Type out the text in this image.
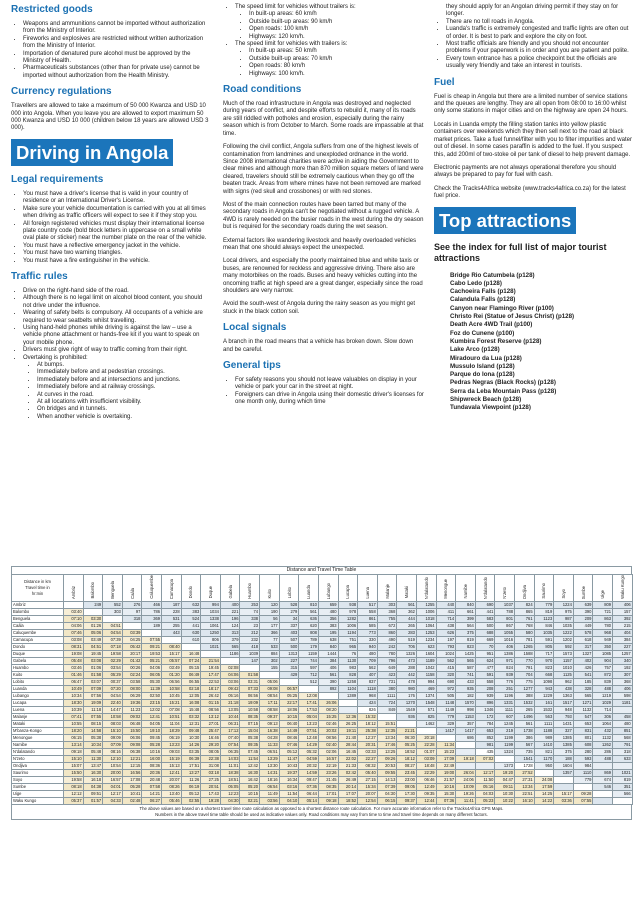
Restricted goods
• Weapons and ammunitions cannot be imported without authorization from the Ministry of Interior.
• Fireworks and explosives are restricted without written authorization from the Ministry of Interior.
• Importation of denatured pure alcohol must be approved by the Ministry of Health.
• Pharmaceuticals substances (other than for private use) cannot be imported without authorization from the Health Ministry.
Currency regulations

Travellers are allowed to take a maximum of 50 000 Kwanza and USD 10 000 into Angola. When you leave you are allowed to export maximum 50 000 Kwanza and USD 10 000 (children below 18 years are allowed USD 3 000).

Driving in Angola
Legal requirements
• You must have a driver's license that is valid in your country of residence or an International Driver's License.
• Make sure your vehicle documentation is carried with you at all times when driving as traffic officers will expect to see it if they stop you.
• All foreign registered vehicles must display their international license plate country code (bold block letters in uppercase on a small white oval plate or sticker) near the number plate on the rear of the vehicle.
• You must have a reflective emergency jacket in the vehicle.
• You must have two warning triangles.
• You must have a fire extinguisher in the vehicle.
Traffic rules
• Drive on the right-hand side of the road.
• Although there is no legal limit on alcohol blood content, you should not drive under the influence.
• Wearing of safety belts is compulsory. All occupants of a vehicle are required to wear seatbelts whilst travelling.
• Using hand-held phones while driving is against the law – use a vehicle phone attachment or hands-free kit if you want to speak on your mobile phone.
• Drivers must give right of way to traffic coming from their right.
• Overtaking is prohibited:
• At bumps.
• Immediately before and at pedestrian crossings.
• Immediately before and at intersections and junctions.
• Immediately before and at railway crossings.
• At curves in the road.
• At all locations with insufficient visibility.
• On bridges and in tunnels.
• When another vehicle is overtaking.
• The speed limit for vehicles without trailers is:
• In built-up areas: 60 km/h
• Outside built-up areas: 90 km/h
• Open roads: 100 km/h
• Highways: 120 km/h.
• The speed limit for vehicles with trailers is:
• In built-up areas: 50 km/h
• Outside built-up areas: 70 km/h
• Open roads: 80 km/h
• Highways: 100 km/h.
Road conditions

Much of the road infrastructure in Angola was destroyed and neglected during years of conflict, and despite efforts to rebuild it, many of its roads are still riddled with potholes and erosion, especially during the rainy season which is from October to March. Some roads are impassable at that time.

Following the civil conflict, Angola suffers from one of the highest levels of contamination from landmines and unexploded ordnance in the world. Since 2008 international charities were active in aiding the Government to clear mines and although more than 870 million square meters of land were cleared, travelers should still be extremely cautious when they go off the beaten track. Areas from where mines have not been removed are marked with signs (red skull and crossbones) or with red stones.

Most of the main connection routes have been tarred but many of the secondary roads in Angola can't be negotiated without a rugged vehicle. A 4WD is rarely needed on the busier roads in the west during the dry season but is required for the secondary roads during the wet season.

External factors like wandering livestock and heavily overloaded vehicles mean that one should always expect the unexpected.

Local drivers, and especially the poorly maintained blue and white taxis or buses, are renowned for reckless and aggressive driving. There also are many motorbikes on the roads. Buses and heavy vehicles cutting into the oncoming traffic at high speed are a great danger, especially since the road shoulders are very narrow.

Avoid the south-west of Angola during the rainy season as you might get stuck in the black cotton soil.

Local signals

A branch in the road means that a vehicle has broken down. Slow down and be careful.

General tips
• For safety reasons you should not leave valuables on display in your vehicle or park your car in the street at night.
• Foreigners can drive in Angola using their domestic driver's licenses for one month only, during which time
they should apply for an Angolan driving permit if they stay on for longer.
• There are no toll roads in Angola.
• Luanda's traffic is extremely congested and traffic lights are often out of order. It is best to park and explore the city on foot.
• Most traffic officials are friendly and you should not encounter problems if your paperwork is in order and you are patient and polite.
• Every town entrance has a police checkpoint but the officials are usually very friendly and take an interest in tourists.
Fuel

Fuel is cheap in Angola but there are a limited number of service stations and the queues are lengthy. They are all open from 08:00 to 16:00 whilst only some stations in major cities and on the highway are open 24 hours.

Locals in Luanda empty the filling station tanks into yellow plastic containers over weekends which they then sell next to the road at black market prices. Take a fuel funnel/filter with you to filter impurities and water out of diesel. In some cases paraffin is added to the fuel. If you suspect this, add 200ml of two-stoke oil per tank of diesel to help prevent damage.

Electronic payments are not always operational therefore you should always be prepared to pay for fuel with cash.

Check the Tracks4Africa website (www.tracks4africa.co.za) for the latest fuel price.

Top attractions
See the index for full list of major tourist attractions
Bridge Rio Catumbela (p128)
Cabo Ledo (p128)
Cachoeira Falls (p128)
Calandula Falls (p128)
Canyon near Flamingo River (p100)
Christo Rei (Statue of Jesus Christ) (p128)
Death Acre 4WD Trail (p100)
Foz do Cunene (p100)
Kumbira Forest Reserve (p128)
Lake Arco (p128)
Miradouro da Lua (p128)
Mussulo Island (p128)
Parque do Iona (p128)
Pedras Negras (Black Rocks) (p128)
Serra da Leba Mountain Pass (p128)
Shipwreck Beach (p128)
Tundavala Viewpoint (p128)
Distance and Travel Time Table
Distance in km
Travel time in
hr:min	Ambriz	Balombo	Benguela	Caála	Caluquembe	Camacupa	Dondo	Duque	Gabela	Huambo	Kuito	Lobito	Luanda	Lubango	Lucapa	Luena	Malanje	Mataki	N'dalatando	Menongue	Namibe	N'dalatando	N'zeto	Ondjiva	Saurimo	Soyo	Sumbe	Uige	Waku Kungo
Ambriz		249	552	276	466	187	632	994	400	253	120	528	810	659	938	517	303	561	1255	440	840	690	1037	824	779	1224	639	809	406
Balombo	03:40		303	97	786	228	383	1034	221	74	190	279	561	480	978	558	368	362	1006	411	661	441	788	865	819	975	390	721	157
Benguela	07:10	03:30		318	369	531	524	1338	196	338	56	34	636	356	1282	861	755	444	1018	714	399	583	801	761	1123	987	209	863	392
Caála	04:06	01:26	04:51		189	255	441	1061	124	23	177	337	620	383	1006	585	672	265	1064	438	564	500	867	768	846	1035	449	780	215
Caluquembe	07:46	05:06	04:54	03:39		443	630	1250	313	212	366	403	808	195	1194	773	860	283	1253	626	375	688	1055	580	1035	1222	578	968	404
Camacupa	03:08	03:49	07:39	04:25	07:55		610	806	379	232	77	507	789	638	751	330	490	519	1234	197	819	669	1016	781	591	1202	618	949	384
Dondo	08:31	04:51	07:18	05:42	09:21	08:40		1021	565	418	533	500	179	840	965	940	242	706	623	793	823	70	406	1265	805	592	317	350	227
Duque	19:08	19:45	19:58	20:17	19:53	15:17	16:48		1186	1039	884	1313	1159	1444	76	480	780	1326	1604	1024	1425	951	1386	1588	717	1573	1327	1085	1257
Gabela	05:48	03:08	02:29	01:42	05:21	05:57	07:24	21:54		147	302	227	744	384	1130	709	796	473	1189	562	565	624	971	770	970	1157	402	904	340
Huambo	03:46	01:06	03:54	00:26	04:06	03:49	05:15	19:45	02:08		155	315	597	406	983	562	649	288	1042	415	587	477	824	791	823	1010	426	757	192
Kuito	01:46	01:58	05:29	02:24	06:05	01:20	06:49	17:47	04:06	01:58		429	712	561	828	407	423	442	1158	320	741	591	939	704	668	1125	541	872	307
Lobito	06:47	03:07	00:37	03:58	05:30	06:56	06:55	22:53	03:06	03:31	05:06		512	390	1258	837	731	478	994	690	433	558	776	775	1098	962	185	839	368
Luanda	10:49	07:09	07:20	08:00	11:39	10:58	02:18	18:17	09:42	07:33	09:08	06:57		892	1104	1118	380	980	469	972	935	208	251	1277	943	438	328	488	406
Lubango	10:34	07:56	04:54	06:29	02:50	10:45	12:05	26:42	05:16	06:56	08:54	05:25	12:08		1389	968	1111	176	1374	505	182	939	1196	388	1229	1363	565	1219	598
Lucapa	18:30	19:09	22:40	19:36	23:15	15:21	16:08	01:15	21:18	19:09	17:11	22:17	17:41	26:06		424	724	1270	1548	1148	1570	896	1331	1532	161	1517	1271	1029	1181
Luena	10:39	11:18	14:47	11:23	12:02	07:08	15:48	08:56	13:05	10:58	08:58	18:06	17:53	08:20		826	849	1549	571	1149	998	1346	1111	265	1532	948	1132	714	
Malanje	07:41	07:55	10:58	09:02	12:41	10:51	03:32	13:12	10:44	08:35	09:37	10:15	05:04	15:25	12:36	15:32		936	825	779	1153	172	607	1496	563	793	547	306	458
Mataki	10:55	08:15	08:03	06:48	04:05	11:04	12:31	27:01	06:31	07:15	09:13	06:40	13:23	02:46	26:25	18:12	15:51		1462	329	357	784	1245	561	1111	1431	653	1064	480
M'banza-Kongo	18:20	14:58	15:10	15:50	19:10	18:29	09:48	25:47	17:12	15:04	16:38	14:49	07:51	20:02	19:11	25:38	12:35	21:21		1417	1417	653	219	1738	1188	327	831	432	851
Menongue	06:15	05:38	09:09	06:06	09:45	06:19	10:30	16:46	07:40	05:38	04:28	08:46	12:48	08:56	21:40	12:27	13:34	06:30	20:18		686	852	1199	386	989	1385	801	1132	568
Namibe	13:14	10:34	07:09	09:08	05:28	13:23	14:26	29:20	07:54	09:35	11:33	07:46	14:29	02:40	28:44	20:31	17:46	05:25	22:28	11:34		981	1199	567	1410	1385	608	1262	791
N'dalatando	09:18	05:48	08:16	06:38	10:16	09:03	03:35	08:05	06:35	07:45	06:51	05:12	05:32	02:06	16:45	03:33	13:25	18:52	01:07	15:23		435	1324	735	821	375	280	286	318
N'zeto	15:10	11:30	12:10	12:21	16:00	15:19	06:39	22:38	14:03	11:54	13:29	11:47	04:59	16:57	22:02	22:27	09:26	18:12	03:09	17:09	19:18	07:02		1541	1170	188	593	488	633
Ondjiva	15:07	13:47	10:54	12:15	08:36	15:13	17:51	31:08	11:01	12:42	13:30	10:43	20:32	22:19	21:33	08:32	20:53	08:27	18:48	22:49			1373	1728	950	1604	984		
Saurimo	15:50	16:30	20:00	16:56	20:36	12:41	13:27	03:18	18:38	16:30	14:31	19:37	14:59	23:26	02:42	05:40	09:55	23:45	22:29	19:00	26:04	12:17	19:20	27:52		1357	1110	869	1021
Soyo	19:58	16:18	16:57	17:08	20:48	20:07	11:26	27:25	18:51	16:42	18:16	16:34	09:47	21:45	26:49	27:15	14:13	23:00	06:46	21:57	24:06	11:50	04:47	27:31	24:08		779	674	819
Sumbe	08:18	04:38	04:01	05:28	07:58	08:26	06:19	20:51	05:05	05:20	06:54	03:16	07:36	08:35	20:14	15:34	07:39	09:05	12:49	10:16	10:09	05:16	09:11	13:34	17:59			546	351
Uige	12:12	09:51	12:17	10:41	14:21	13:40	05:12	17:43	12:23	10:15	11:49	11:54	06:44	17:01	17:07	20:07	04:30	17:30	09:35	15:30	19:26	04:03	10:30	22:51	14:25	15:17	09:28		566
Waku Kungo	05:37	01:57	04:33	02:48	06:27	05:46	02:55	19:28	04:30	02:21	03:56	04:10	05:14	09:18	18:52	12:54	06:15	09:37	12:44	07:36	11:41	05:23	10:22	16:10	14:22	03:36	07:55		
The above values are based on a shortest travel time route calculation as opposed to a shortest distance route calculation. For more accurate information refer to the Tracks4Africa GPS Maps.
Numbers in the above travel time table should be used as indicative values only. Road conditions may vary from time to time and travel time depends on many different factors.
